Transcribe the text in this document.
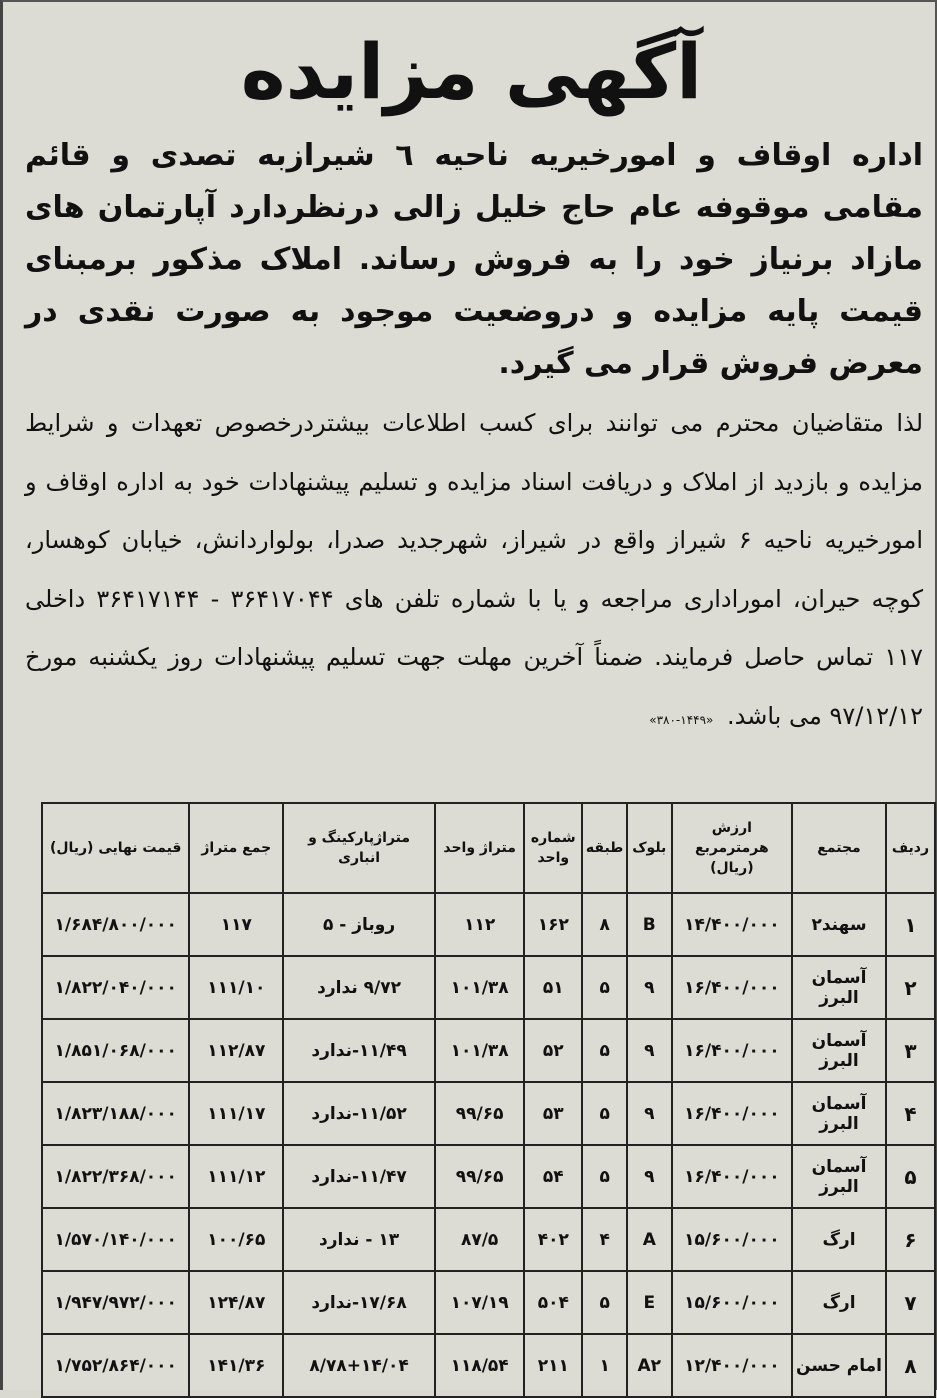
آگهی مزایده
اداره اوقاف و امورخیریه ناحیه ٦ شیرازبه تصدی و قائم مقامی موقوفه عام حاج خلیل زالی درنظردارد آپارتمان های مازاد برنیاز خود را به فروش رساند. املاک مذکور برمبنای قیمت پایه مزایده و دروضعیت موجود به صورت نقدی در معرض فروش قرار می گیرد.
لذا متقاضیان محترم می توانند برای کسب اطلاعات بیشتردرخصوص تعهدات و شرایط مزایده و بازدید از املاک و دریافت اسناد مزایده و تسلیم پیشنهادات خود به اداره اوقاف و امورخیریه ناحیه ۶ شیراز واقع در شیراز، شهرجدید صدرا، بولواردانش، خیابان کوهسار، کوچه حیران، اموراداری مراجعه و یا با شماره تلفن های ۳۶۴۱۷۰۴۴ - ۳۶۴۱۷۱۴۴ داخلی ۱۱۷ تماس حاصل فرمایند. ضمناً آخرین مهلت جهت تسلیم پیشنهادات روز یکشنبه مورخ ۹۷/۱۲/۱۲ می باشد. «۱۴۴۹-۳۸۰»
ردیف	مجتمع	ارزش هرمترمربع (ریال)	بلوک	طبقه	شماره واحد	متراژ واحد	متراژپارکینگ و انباری	جمع متراژ	قیمت نهایی (ریال)
۱	سهند۲	۱۴/۴۰۰/۰۰۰	B	۸	۱۶۲	۱۱۲	روباز - ۵	۱۱۷	۱/۶۸۴/۸۰۰/۰۰۰
۲	آسمان البرز	۱۶/۴۰۰/۰۰۰	۹	۵	۵۱	۱۰۱/۳۸	۹/۷۲ ندارد	۱۱۱/۱۰	۱/۸۲۲/۰۴۰/۰۰۰
۳	آسمان البرز	۱۶/۴۰۰/۰۰۰	۹	۵	۵۲	۱۰۱/۳۸	۱۱/۴۹-ندارد	۱۱۲/۸۷	۱/۸۵۱/۰۶۸/۰۰۰
۴	آسمان البرز	۱۶/۴۰۰/۰۰۰	۹	۵	۵۳	۹۹/۶۵	۱۱/۵۲-ندارد	۱۱۱/۱۷	۱/۸۲۳/۱۸۸/۰۰۰
۵	آسمان البرز	۱۶/۴۰۰/۰۰۰	۹	۵	۵۴	۹۹/۶۵	۱۱/۴۷-ندارد	۱۱۱/۱۲	۱/۸۲۲/۳۶۸/۰۰۰
۶	ارگ	۱۵/۶۰۰/۰۰۰	A	۴	۴۰۲	۸۷/۵	۱۳ - ندارد	۱۰۰/۶۵	۱/۵۷۰/۱۴۰/۰۰۰
۷	ارگ	۱۵/۶۰۰/۰۰۰	E	۵	۵۰۴	۱۰۷/۱۹	۱۷/۶۸-ندارد	۱۲۴/۸۷	۱/۹۴۷/۹۷۲/۰۰۰
۸	امام حسن	۱۲/۴۰۰/۰۰۰	A۲	۱	۲۱۱	۱۱۸/۵۴	۸/۷۸+۱۴/۰۴	۱۴۱/۳۶	۱/۷۵۲/۸۶۴/۰۰۰
